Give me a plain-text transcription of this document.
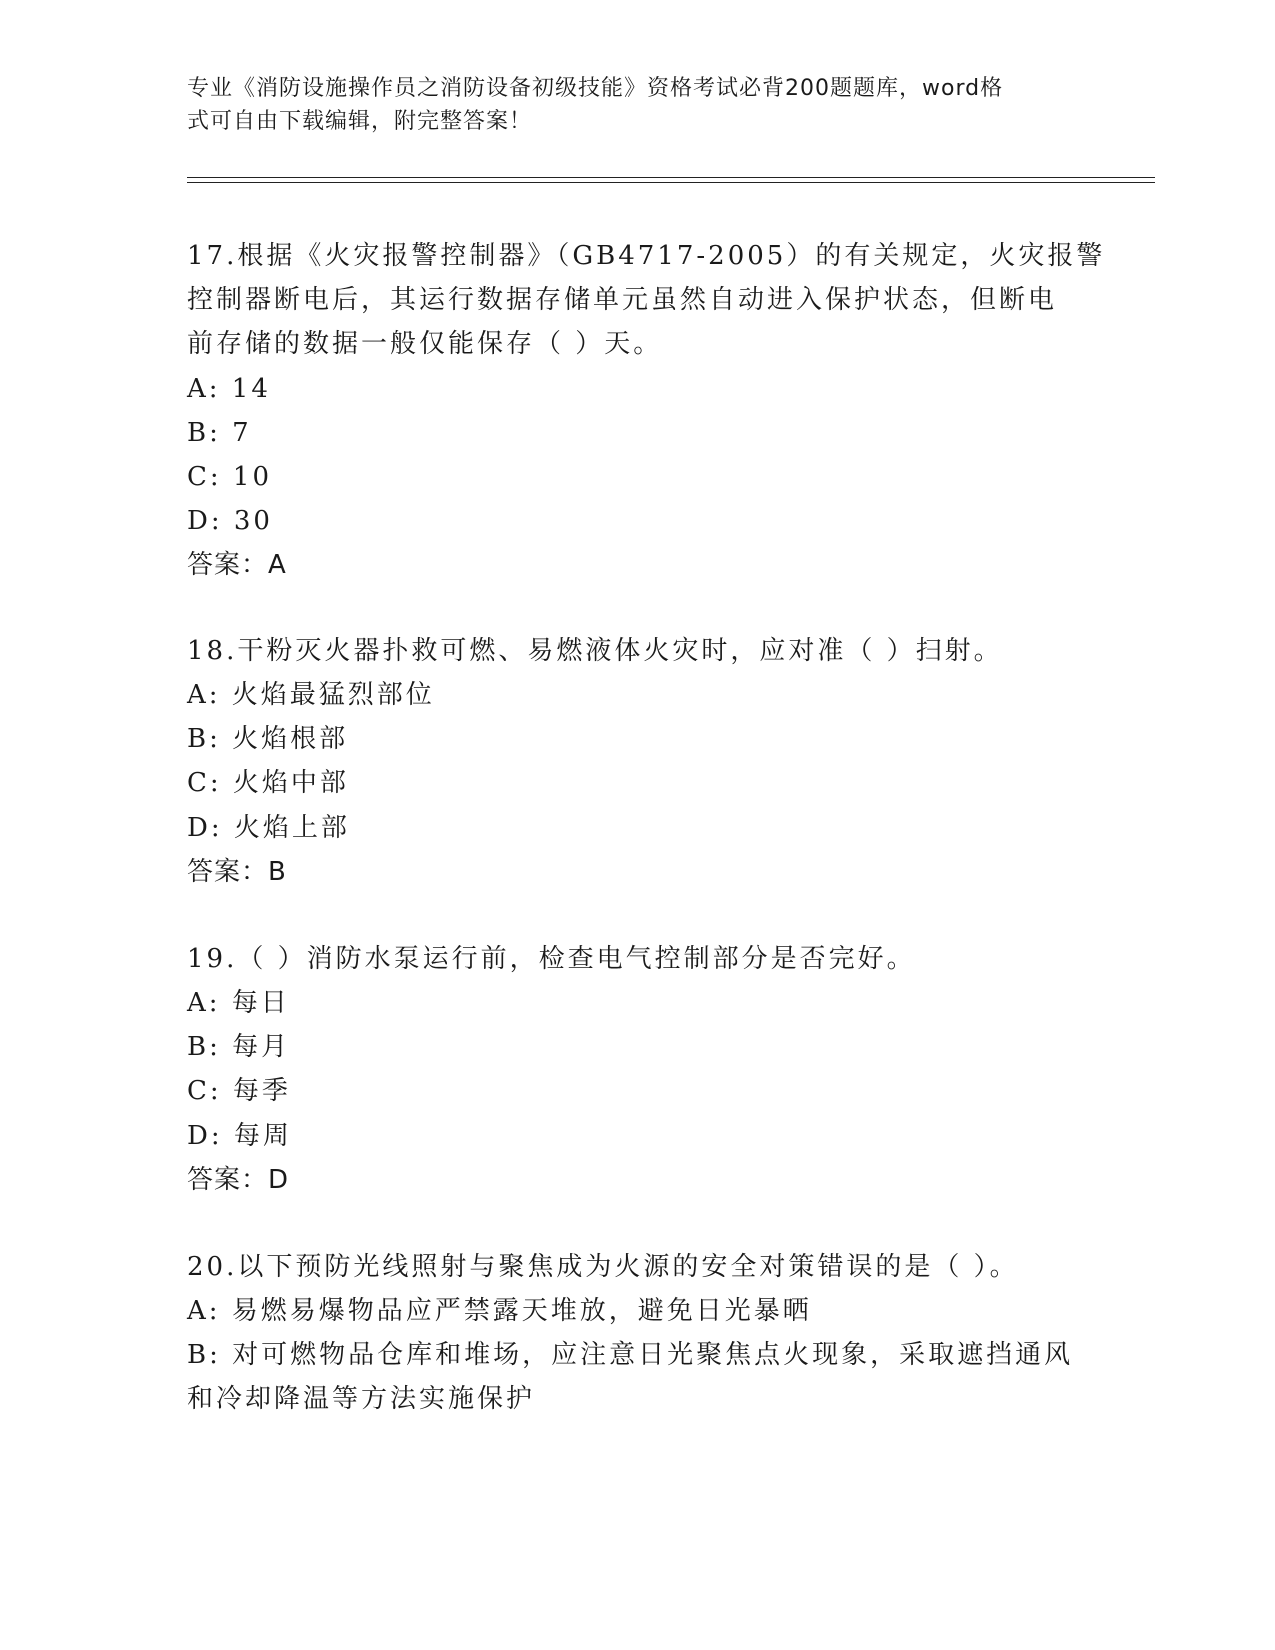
专业《消防设施操作员之消防设备初级技能》资格考试必背200题题库，word格
式可自由下载编辑，附完整答案！
17.根据《火灾报警控制器》（GB4717-2005）的有关规定，火灾报警
控制器断电后，其运行数据存储单元虽然自动进入保护状态，但断电
前存储的数据一般仅能保存（ ）天。
A: 14
B: 7
C: 10
D: 30
答案：A
18.干粉灭火器扑救可燃、易燃液体火灾时，应对准（ ）扫射。
A: 火焰最猛烈部位
B: 火焰根部
C: 火焰中部
D: 火焰上部
答案：B
19.（ ）消防水泵运行前，检查电气控制部分是否完好。
A: 每日
B: 每月
C: 每季
D: 每周
答案：D
20.以下预防光线照射与聚焦成为火源的安全对策错误的是（ ）。
A: 易燃易爆物品应严禁露天堆放，避免日光暴晒
B: 对可燃物品仓库和堆场，应注意日光聚焦点火现象，采取遮挡通风
和冷却降温等方法实施保护
